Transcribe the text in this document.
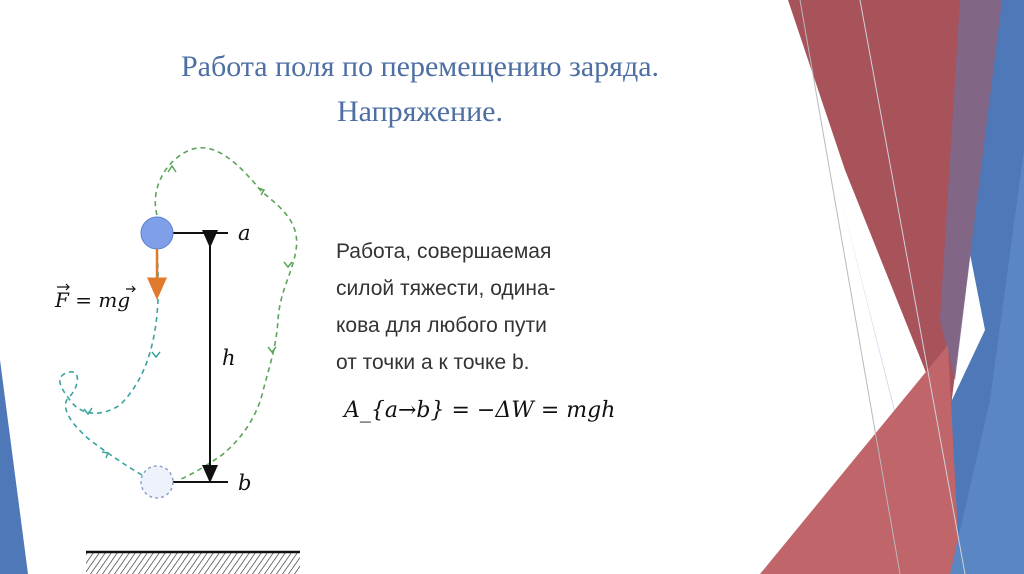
Работа поля по перемещению заряда.
Напряжение.
a
b
h
F = mg
Работа, совершаемая
силой тяжести, одина-
кова для любого пути
от точки a к точке b.
A_{a→b} = −ΔW = mgh
